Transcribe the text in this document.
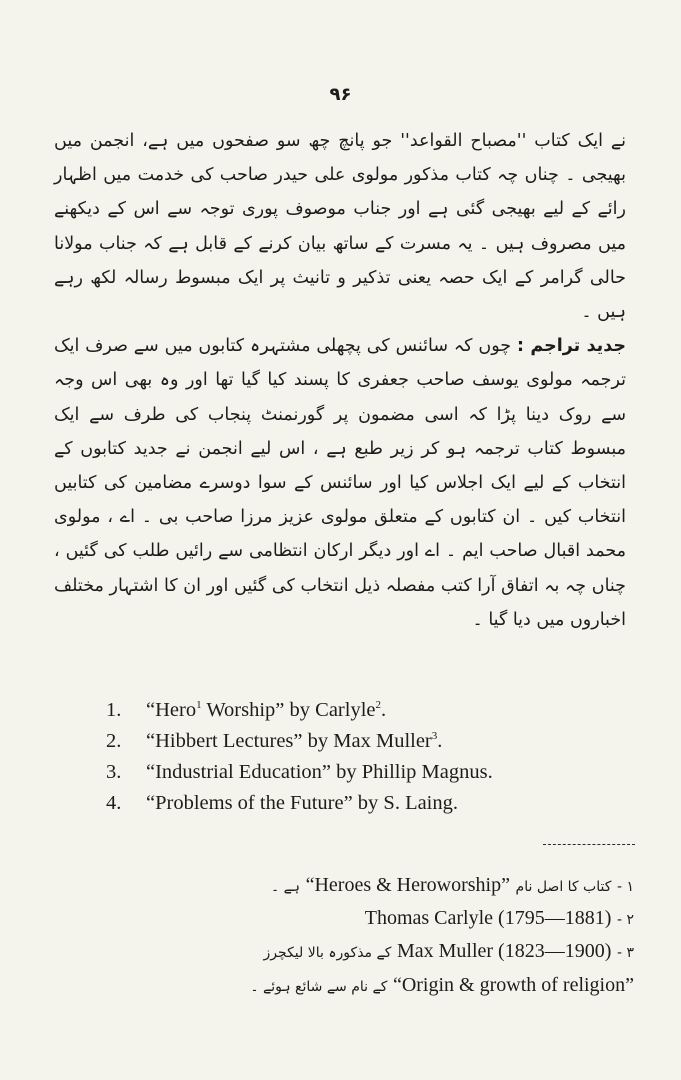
۹۶

نے ایک کتاب ''مصباح القواعد'' جو پانچ چھ سو صفحوں میں ہے، انجمن میں بھیجی ۔ چناں چہ کتاب مذکور مولوی علی حیدر صاحب کی خدمت میں اظہار رائے کے لیے بھیجی گئی ہے اور جناب موصوف پوری توجہ سے اس کے دیکھنے میں مصروف ہیں ۔ یہ مسرت کے ساتھ بیان کرنے کے قابل ہے کہ جناب مولانا حالی گرامر کے ایک حصہ یعنی تذکیر و تانیث پر ایک مبسوط رسالہ لکھ رہے ہیں ۔

جدید تراجم : چوں کہ سائنس کی پچھلی مشتہرہ کتابوں میں سے صرف ایک ترجمہ مولوی یوسف صاحب جعفری کا پسند کیا گیا تھا اور وہ بھی اس وجہ سے روک دینا پڑا کہ اسی مضمون پر گورنمنٹ پنجاب کی طرف سے ایک مبسوط کتاب ترجمہ ہو کر زیر طبع ہے ، اس لیے انجمن نے جدید کتابوں کے انتخاب کے لیے ایک اجلاس کیا اور سائنس کے سوا دوسرے مضامین کی کتابیں انتخاب کیں ۔ ان کتابوں کے متعلق مولوی عزیز مرزا صاحب بی ۔ اے ، مولوی محمد اقبال صاحب ایم ۔ اے اور دیگر ارکان انتظامی سے رائیں طلب کی گئیں ، چناں چہ بہ اتفاق آرا کتب مفصلہ ذیل انتخاب کی گئیں اور ان کا اشتہار مختلف اخباروں میں دیا گیا ۔

1.	“Hero$^1$ Worship” by Carlyle$^2$.
2.	“Hibbert Lectures” by Max Muller$^3$.
3.	“Industrial Education” by Phillip Magnus.
4.	“Problems of the Future” by S. Laing.
۱ - کتاب کا اصل نام “Heroes & Heroworship” ہے ۔
۲ - Thomas Carlyle (1795—1881)
۳ - Max Muller (1823—1900) کے مذکورہ بالا لیکچرز
“Origin & growth of religion” کے نام سے شائع ہوئے ۔
